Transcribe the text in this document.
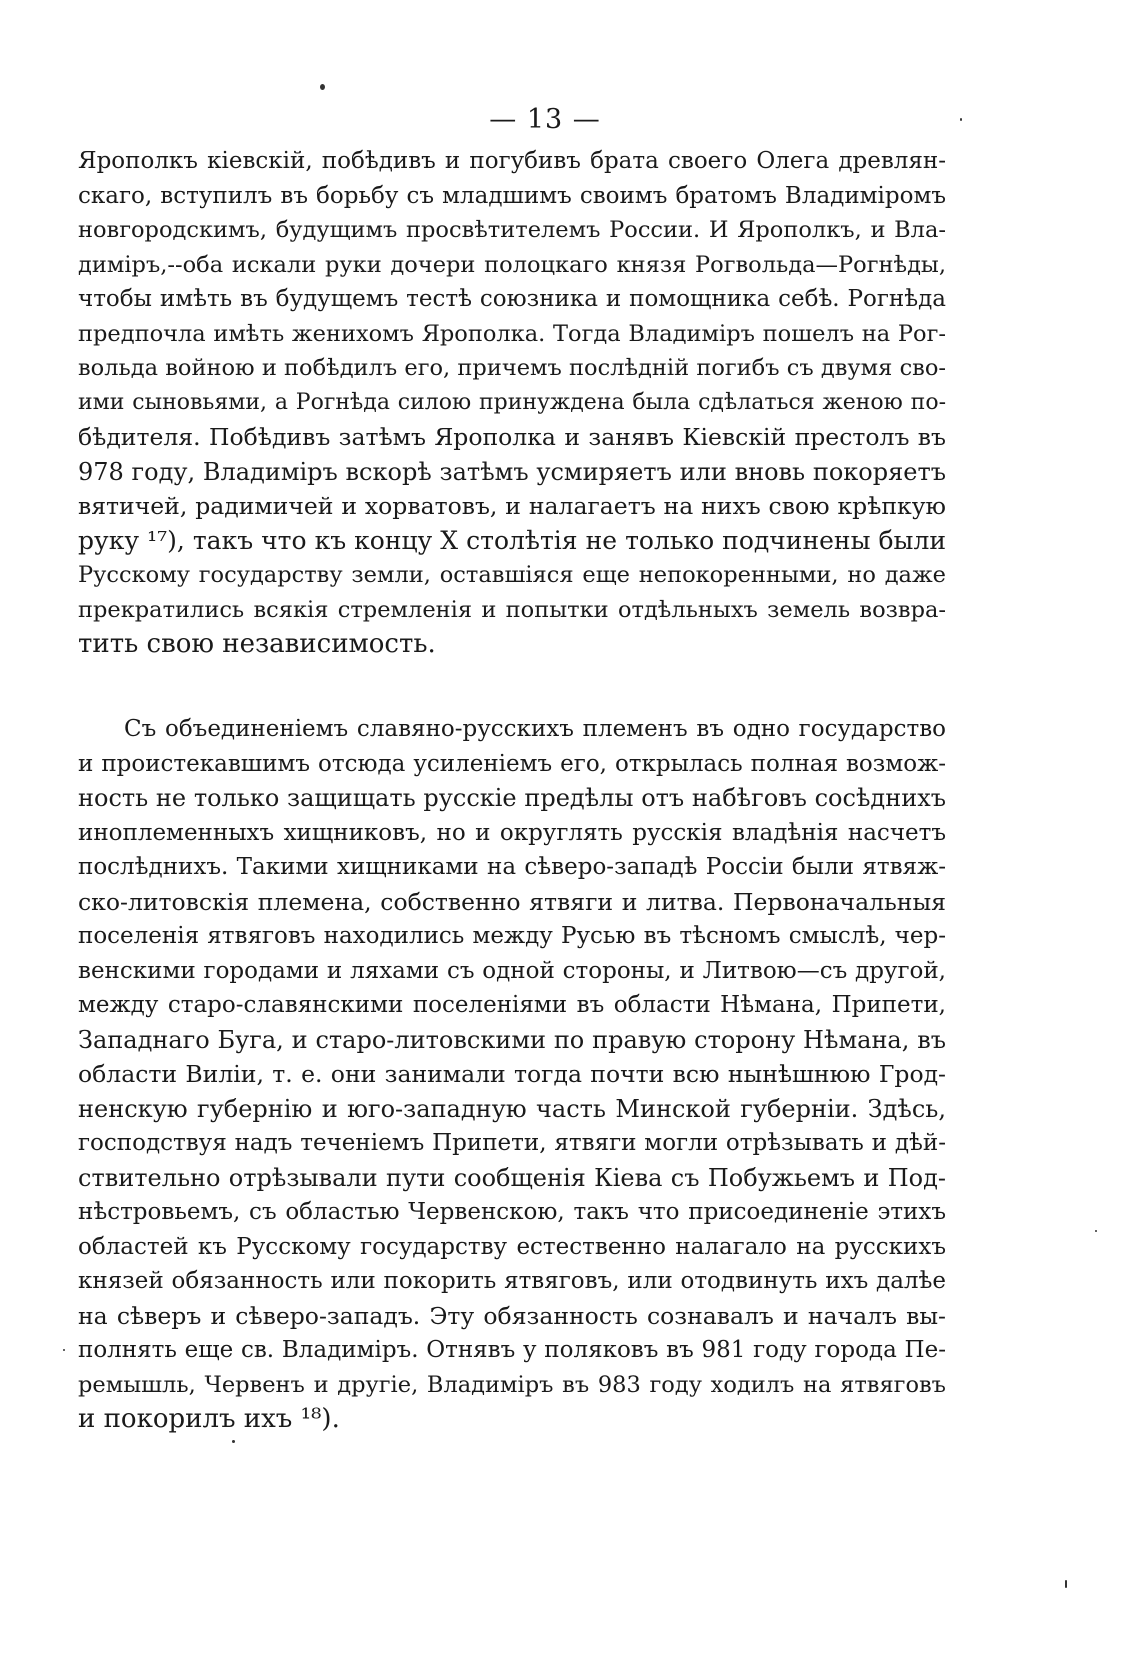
— 13 —
Ярополкъ кіевскій, побѣдивъ и погубивъ брата своего Олега древлян-
скаго, вступилъ въ борьбу съ младшимъ своимъ братомъ Владиміромъ
новгородскимъ, будущимъ просвѣтителемъ России. И Ярополкъ, и Вла-
диміръ,--оба искали руки дочери полоцкаго князя Рогвольда—Рогнѣды,
чтобы имѣть въ будущемъ тестѣ союзника и помощника себѣ. Рогнѣда
предпочла имѣть женихомъ Ярополка. Тогда Владиміръ пошелъ на Рог-
вольда войною и побѣдилъ его, причемъ послѣдній погибъ съ двумя сво-
ими сыновьями, а Рогнѣда силою принуждена была сдѣлаться женою по-
бѣдителя. Побѣдивъ затѣмъ Ярополка и занявъ Кіевскій престолъ въ
978 году, Владиміръ вскорѣ затѣмъ усмиряетъ или вновь покоряетъ
вятичей, радимичей и хорватовъ, и налагаетъ на нихъ свою крѣпкую
руку ¹⁷), такъ что къ концу X столѣтія не только подчинены были
Русскому государству земли, оставшіяся еще непокоренными, но даже
прекратились всякія стремленія и попытки отдѣльныхъ земель возвра-
тить свою независимость.
Съ объединеніемъ славяно-русскихъ племенъ въ одно государство
и проистекавшимъ отсюда усиленіемъ его, открылась полная возмож-
ность не только защищать русскіе предѣлы отъ набѣговъ сосѣднихъ
иноплеменныхъ хищниковъ, но и округлять русскія владѣнія насчетъ
послѣднихъ. Такими хищниками на сѣверо-западѣ Россіи были ятвяж-
ско-литовскія племена, собственно ятвяги и литва. Первоначальныя
поселенія ятвяговъ находились между Русью въ тѣсномъ смыслѣ, чер-
венскими городами и ляхами съ одной стороны, и Литвою—съ другой,
между старо-славянскими поселеніями въ области Нѣмана, Припети,
Западнаго Буга, и старо-литовскими по правую сторону Нѣмана, въ
области Виліи, т. е. они занимали тогда почти всю нынѣшнюю Грод-
ненскую губернію и юго-западную часть Минской губерніи. Здѣсь,
господствуя надъ теченіемъ Припети, ятвяги могли отрѣзывать и дѣй-
ствительно отрѣзывали пути сообщенія Кіева съ Побужьемъ и Под-
нѣстровьемъ, съ областью Червенскою, такъ что присоединеніе этихъ
областей къ Русскому государству естественно налагало на русскихъ
князей обязанность или покорить ятвяговъ, или отодвинуть ихъ далѣе
на сѣверъ и сѣверо-западъ. Эту обязанность сознавалъ и началъ вы-
полнять еще св. Владиміръ. Отнявъ у поляковъ въ 981 году города Пе-
ремышль, Червенъ и другіе, Владиміръ въ 983 году ходилъ на ятвяговъ
и покорилъ ихъ ¹⁸).
